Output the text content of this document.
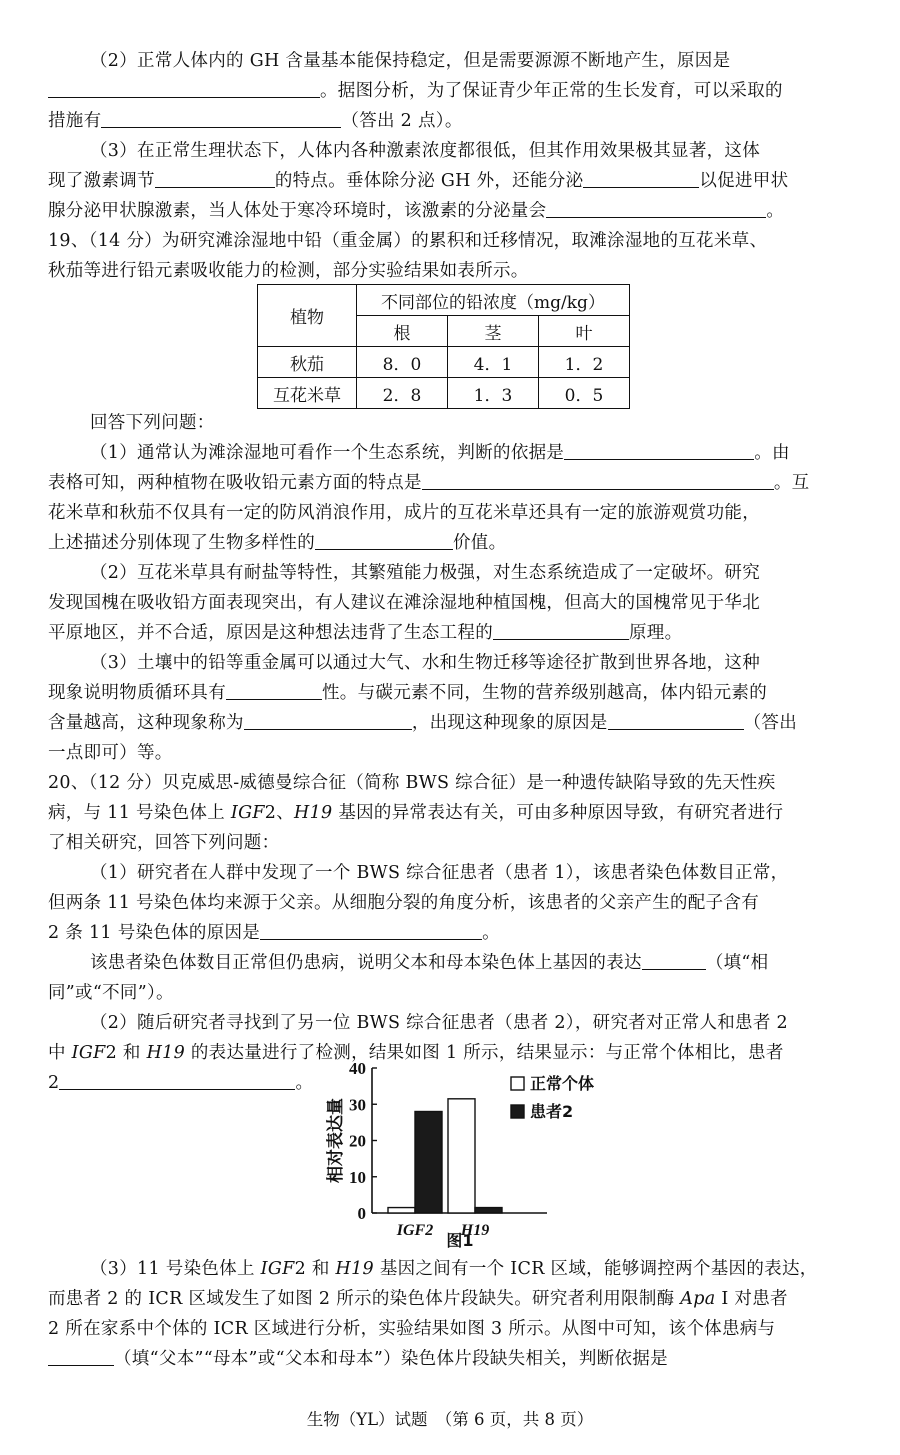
（2）正常人体内的 GH 含量基本能保持稳定，但是需要源源不断地产生，原因是
。据图分析，为了保证青少年正常的生长发育，可以采取的
措施有	（答出 2 点）。
（3）在正常生理状态下，人体内各种激素浓度都很低，但其作用效果极其显著，这体
现了激素调节	的特点。垂体除分泌 GH 外，还能分泌	以促进甲状
腺分泌甲状腺激素，当人体处于寒冷环境时，该激素的分泌量会	。
19、（14 分）为研究滩涂湿地中铅（重金属）的累积和迁移情况，取滩涂湿地的互花米草、
秋茄等进行铅元素吸收能力的检测，部分实验结果如表所示。
植物	不同部位的铅浓度（mg/kg）		
	根	茎	叶
秋茄	8．0	4．1	1．2
互花米草	2．8	1．3	0．5
回答下列问题：
（1）通常认为滩涂湿地可看作一个生态系统，判断的依据是	。由
表格可知，两种植物在吸收铅元素方面的特点是	。互
花米草和秋茄不仅具有一定的防风消浪作用，成片的互花米草还具有一定的旅游观赏功能，
上述描述分别体现了生物多样性的	价值。
（2）互花米草具有耐盐等特性，其繁殖能力极强，对生态系统造成了一定破坏。研究
发现国槐在吸收铅方面表现突出，有人建议在滩涂湿地种植国槐，但高大的国槐常见于华北
平原地区，并不合适，原因是这种想法违背了生态工程的	原理。
（3）土壤中的铅等重金属可以通过大气、水和生物迁移等途径扩散到世界各地，这种
现象说明物质循环具有	性。与碳元素不同，生物的营养级别越高，体内铅元素的
含量越高，这种现象称为	，出现这种现象的原因是	（答出
一点即可）等。
20、（12 分）贝克威思-威德曼综合征（简称 BWS 综合征）是一种遗传缺陷导致的先天性疾
病，与 11 号染色体上 IGF2、H19 基因的异常表达有关，可由多种原因导致，有研究者进行
了相关研究，回答下列问题：
（1）研究者在人群中发现了一个 BWS 综合征患者（患者 1），该患者染色体数目正常，
但两条 11 号染色体均来源于父亲。从细胞分裂的角度分析，该患者的父亲产生的配子含有
2 条 11 号染色体的原因是	。
该患者染色体数目正常但仍患病，说明父本和母本染色体上基因的表达	（填“相
同”或“不同”）。
（2）随后研究者寻找到了另一位 BWS 综合征患者（患者 2），研究者对正常人和患者 2
中 IGF2 和 H19 的表达量进行了检测，结果如图 1 所示，结果显示：与正常个体相比，患者
2	。
0
10
20
30
40
相对表达量
IGF2 H19
正常个体
患者2
图1
（3）11 号染色体上 IGF2 和 H19 基因之间有一个 ICR 区域，能够调控两个基因的表达，
而患者 2 的 ICR 区域发生了如图 2 所示的染色体片段缺失。研究者利用限制酶 Apa I 对患者
2 所在家系中个体的 ICR 区域进行分析，实验结果如图 3 所示。从图中可知，该个体患病与
（填“父本”“母本”或“父本和母本”）染色体片段缺失相关，判断依据是
生物（YL）试题　（第 6 页，共 8 页）
